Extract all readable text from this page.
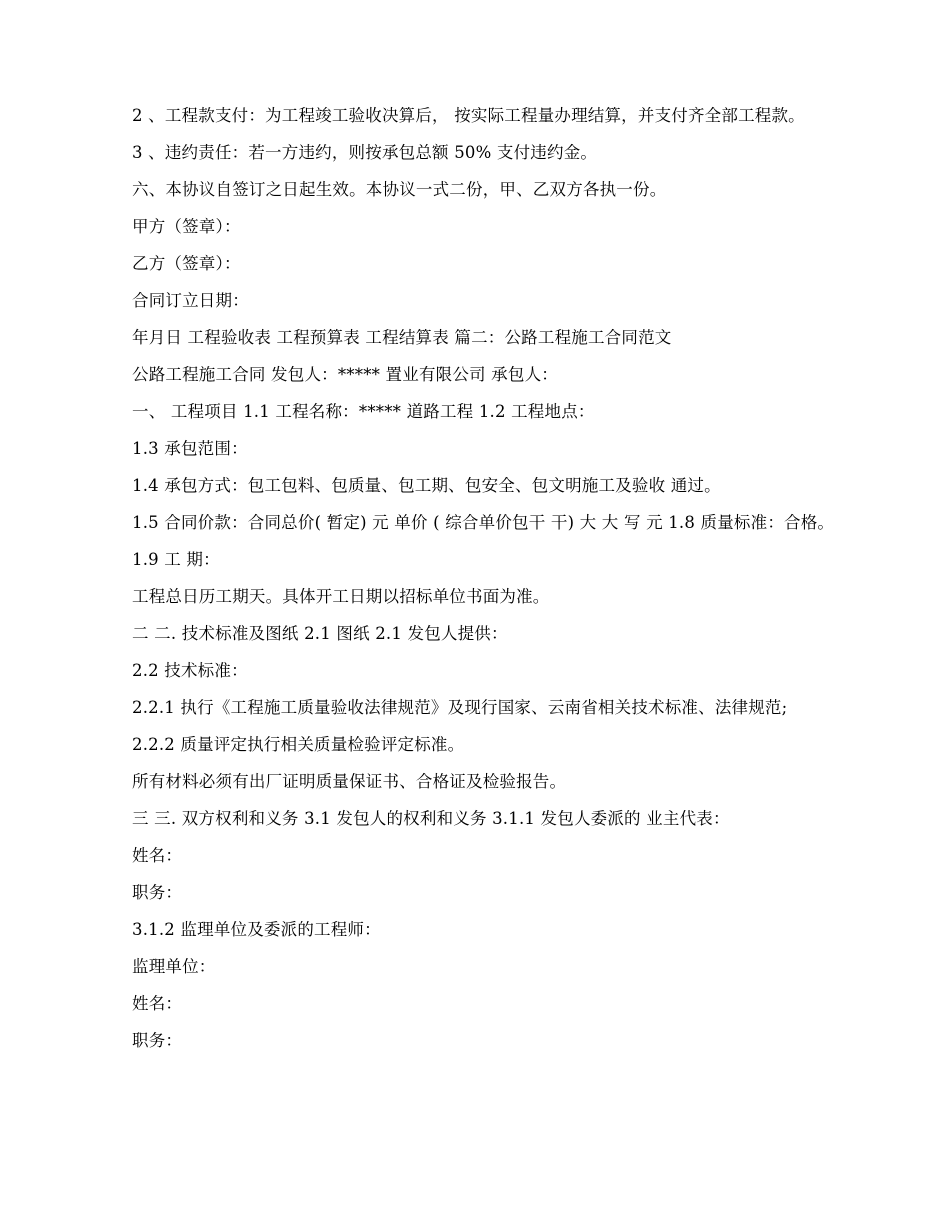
2 、工程款支付：为工程竣工验收决算后， 按实际工程量办理结算，并支付齐全部工程款。

3 、违约责任：若一方违约，则按承包总额 50% 支付违约金。

六、本协议自签订之日起生效。本协议一式二份，甲、乙双方各执一份。

甲方（签章）：

乙方（签章）：

合同订立日期：

年月日 工程验收表 工程预算表 工程结算表 篇二：公路工程施工合同范文

公路工程施工合同 发包人：***** 置业有限公司 承包人：

一、 工程项目 1.1 工程名称：***** 道路工程 1.2 工程地点：

1.3 承包范围：

1.4 承包方式：包工包料、包质量、包工期、包安全、包文明施工及验收 通过。

1.5 合同价款：合同总价( 暂定) 元 单价 ( 综合单价包干 干) 大 大 写 元 1.8 质量标准：合格。

1.9 工 期：

工程总日历工期天。具体开工日期以招标单位书面为准。

二 二. 技术标准及图纸 2.1 图纸 2.1 发包人提供：

2.2 技术标准：

2.2.1 执行《工程施工质量验收法律规范》及现行国家、云南省相关技术标准、法律规范;

2.2.2 质量评定执行相关质量检验评定标准。

所有材料必须有出厂证明质量保证书、合格证及检验报告。

三 三. 双方权利和义务 3.1 发包人的权利和义务 3.1.1 发包人委派的 业主代表：

姓名：

职务：

3.1.2 监理单位及委派的工程师：

监理单位：

姓名：

职务：
